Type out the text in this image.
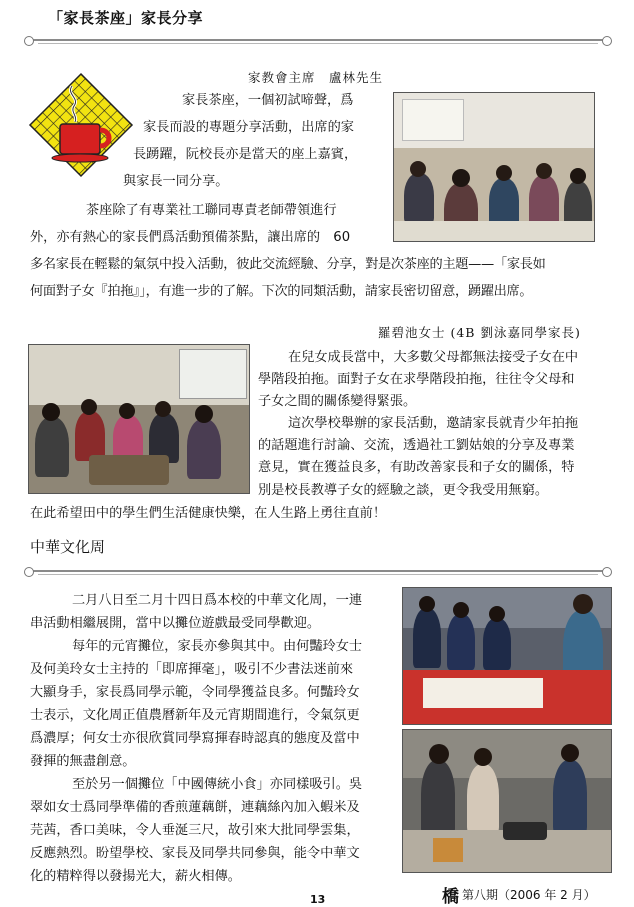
「家長茶座」家長分享
家教會主席　盧林先生
家長茶座，一個初試啼聲，爲
家長而設的專題分享活動，出席的家
長踴躍，阮校長亦是當天的座上嘉賓，
與家長一同分享。
茶座除了有專業社工聯同專責老師帶領進行
外，亦有熱心的家長們爲活動預備茶點，讓出席的　60
多名家長在輕鬆的氣氛中投入活動，彼此交流經驗、分享，對是次茶座的主題——「家長如
何面對子女『拍拖』」，有進一步的了解。下次的同類活動，請家長密切留意，踴躍出席。
羅碧池女士 (4B 劉泳嘉同學家長)
在兒女成長當中，大多數父母都無法接受子女在中
學階段拍拖。面對子女在求學階段拍拖，往往令父母和
子女之間的關係變得緊張。
這次學校舉辦的家長活動，邀請家長就青少年拍拖
的話題進行討論、交流，透過社工劉姑娘的分享及專業
意見，實在獲益良多，有助改善家長和子女的關係，特
別是校長教導子女的經驗之談，更令我受用無窮。
在此希望田中的學生們生活健康快樂，在人生路上勇往直前！
中華文化周
二月八日至二月十四日爲本校的中華文化周，一連
串活動相繼展開，當中以攤位遊戲最受同學歡迎。
每年的元宵攤位，家長亦參與其中。由何豔玲女士
及何美玲女士主持的「即席揮毫」，吸引不少書法迷前來
大顯身手，家長爲同學示範，令同學獲益良多。何豔玲女
士表示，文化周正值農曆新年及元宵期間進行，令氣氛更
爲濃厚；何女士亦很欣賞同學寫揮春時認真的態度及當中
發揮的無盡創意。
至於另一個攤位「中國傳統小食」亦同樣吸引。吳
翠如女士爲同學準備的香煎蓮藕餅，連藕絲內加入蝦米及
芫茜，香口美味，令人垂涎三尺，故引來大批同學雲集，
反應熱烈。盼望學校、家長及同學共同參與，能令中華文
化的精粹得以發揚光大，薪火相傳。
13	橋 第八期（2006 年 2 月）
